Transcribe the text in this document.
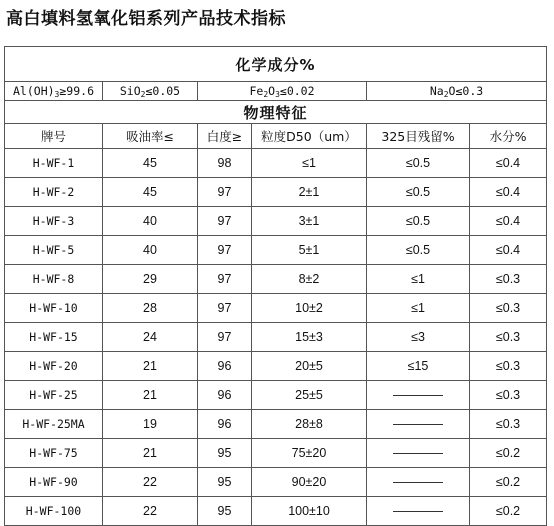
高白填料氢氧化铝系列产品技术指标
化学成分%					
$Al(OH)_3\ge 99.6$	SiO$_2$≤0.05	$Fe_2O_3\le 0.02$		$Na_2O\le 0.3$	
物理特征					
牌号	吸油率≤	白度≥	粒度D50（um）	325目残留%	水分%
H-WF-1	45	98	≤1	≤0.5	≤0.4
H-WF-2	45	97	2±1	≤0.5	≤0.4
H-WF-3	40	97	3±1	≤0.5	≤0.4
H-WF-5	40	97	5±1	≤0.5	≤0.4
H-WF-8	29	97	8±2	≤1	≤0.3
H-WF-10	28	97	10±2	≤1	≤0.3
H-WF-15	24	97	15±3	≤3	≤0.3
H-WF-20	21	96	20±5	≤15	≤0.3
H-WF-25	21	96	25±5	————	≤0.3
H-WF-25MA	19	96	28±8	————	≤0.3
H-WF-75	21	95	75±20	————	≤0.2
H-WF-90	22	95	90±20	————	≤0.2
H-WF-100	22	95	100±10	————	≤0.2
